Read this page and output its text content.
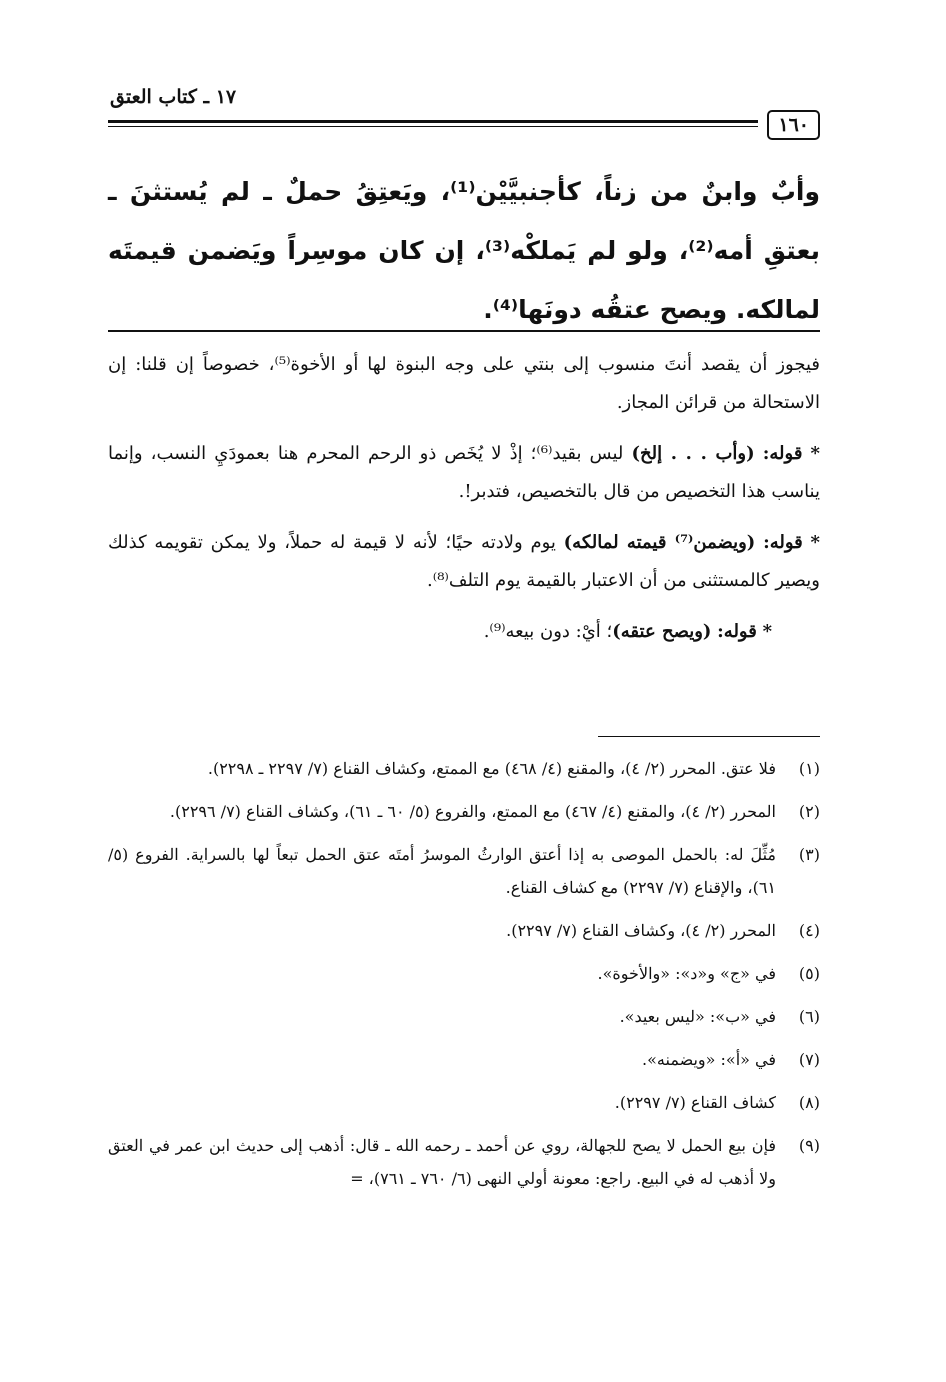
١٧ ـ كتاب العتق
١٦٠
وأبٌ وابنٌ من زناً، كأجنبيَّيْن⁽¹⁾، ويَعتِقُ حملٌ ـ لم يُستثنَ ـ بعتقِ أمه⁽²⁾، ولو لم يَملكْه⁽³⁾، إن كان موسِراً ويَضمن قيمتَه لمالكه. ويصح عتقُه دونَها⁽⁴⁾.

فيجوز أن يقصد أنتَ منسوب إلى بنتي على وجه البنوة لها أو الأخوة⁽⁵⁾، خصوصاً إن قلنا: إن الاستحالة من قرائن المجاز.

* قوله: (وأب . . . إلخ) ليس بقيد⁽⁶⁾؛ إذْ لا يُخَص ذو الرحم المحرم هنا بعمودَيِ النسب، وإنما يناسب هذا التخصيص من قال بالتخصيص، فتدبر!.

* قوله: (ويضمن⁽⁷⁾ قيمته لمالكه) يوم ولادته حيًا؛ لأنه لا قيمة له حملاً، ولا يمكن تقويمه كذلك ويصير كالمستثنى من أن الاعتبار بالقيمة يوم التلف⁽⁸⁾.

* قوله: (ويصح عتقه)؛ أيْ: دون بيعه⁽⁹⁾.

(١)
فلا عتق. المحرر (٢/ ٤)، والمقنع (٤/ ٤٦٨) مع الممتع، وكشاف القناع (٧/ ٢٢٩٧ ـ ٢٢٩٨).
(٢)
المحرر (٢/ ٤)، والمقنع (٤/ ٤٦٧) مع الممتع، والفروع (٥/ ٦٠ ـ ٦١)، وكشاف القناع (٧/ ٢٢٩٦).
(٣)
مُثِّلَ له: بالحمل الموصى به إذا أعتق الوارثُ الموسرُ أمتَه عتق الحمل تبعاً لها بالسراية. الفروع (٥/ ٦١)، والإقناع (٧/ ٢٢٩٧) مع كشاف القناع.
(٤)
المحرر (٢/ ٤)، وكشاف القناع (٧/ ٢٢٩٧).
(٥)
في «ج» و«د»: «والأخوة».
(٦)
في «ب»: «ليس بعيد».
(٧)
في «أ»: «ويضمنه».
(٨)
كشاف القناع (٧/ ٢٢٩٧).
(٩)
فإن بيع الحمل لا يصح للجهالة، روي عن أحمد ـ رحمه الله ـ قال: أذهب إلى حديث ابن عمر في العتق ولا أذهب له في البيع. راجع: معونة أولي النهى (٦/ ٧٦٠ ـ ٧٦١)، =
